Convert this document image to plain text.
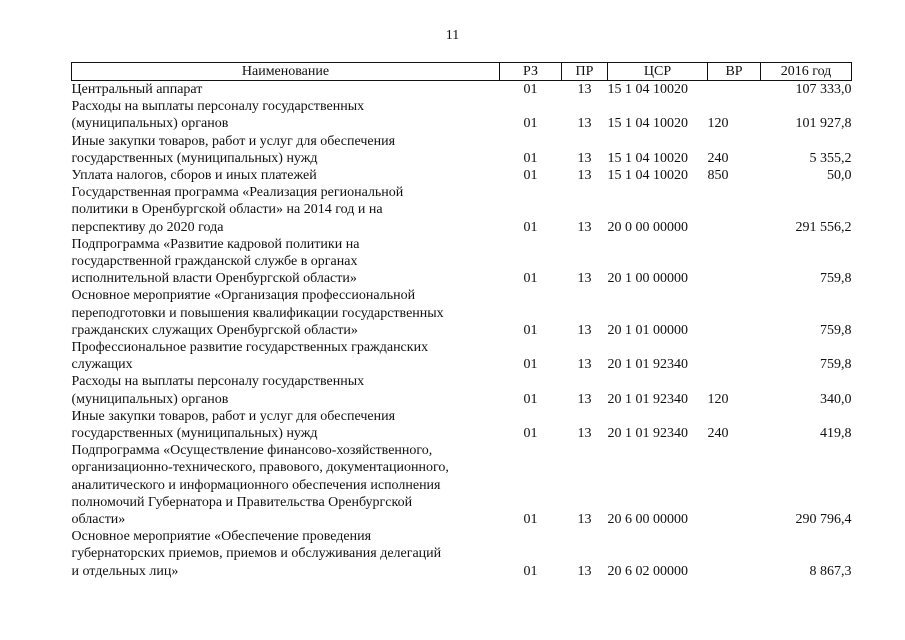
11
Наименование	РЗ	ПР	ЦСР	ВР	2016 год

Центральный аппарат	01	13	15 1 04 10020		107 333,0

Расходы на выплаты персоналу государственных
(муниципальных) органов	01	13	15 1 04 10020	120	101 927,8

Иные закупки товаров, работ и услуг для обеспечения
государственных (муниципальных) нужд	01	13	15 1 04 10020	240	5 355,2

Уплата налогов, сборов и иных платежей	01	13	15 1 04 10020	850	50,0

Государственная программа «Реализация региональной
политики в Оренбургской области» на 2014 год и на
перспективу до 2020 года	01	13	20 0 00 00000		291 556,2

Подпрограмма «Развитие кадровой политики на
государственной гражданской службе в органах
исполнительной власти Оренбургской области»	01	13	20 1 00 00000		759,8

Основное мероприятие «Организация профессиональной
переподготовки и повышения квалификации государственных
гражданских служащих Оренбургской области»	01	13	20 1 01 00000		759,8

Профессиональное развитие государственных гражданских
служащих	01	13	20 1 01 92340		759,8

Расходы на выплаты персоналу государственных
(муниципальных) органов	01	13	20 1 01 92340	120	340,0

Иные закупки товаров, работ и услуг для обеспечения
государственных (муниципальных) нужд	01	13	20 1 01 92340	240	419,8

Подпрограмма «Осуществление финансово-хозяйственного,
организационно-технического, правового, документационного,
аналитического и информационного обеспечения исполнения
полномочий Губернатора и Правительства Оренбургской
области»	01	13	20 6 00 00000		290 796,4

Основное мероприятие «Обеспечение проведения
губернаторских приемов, приемов и обслуживания делегаций
и отдельных лиц»	01	13	20 6 02 00000		8 867,3
